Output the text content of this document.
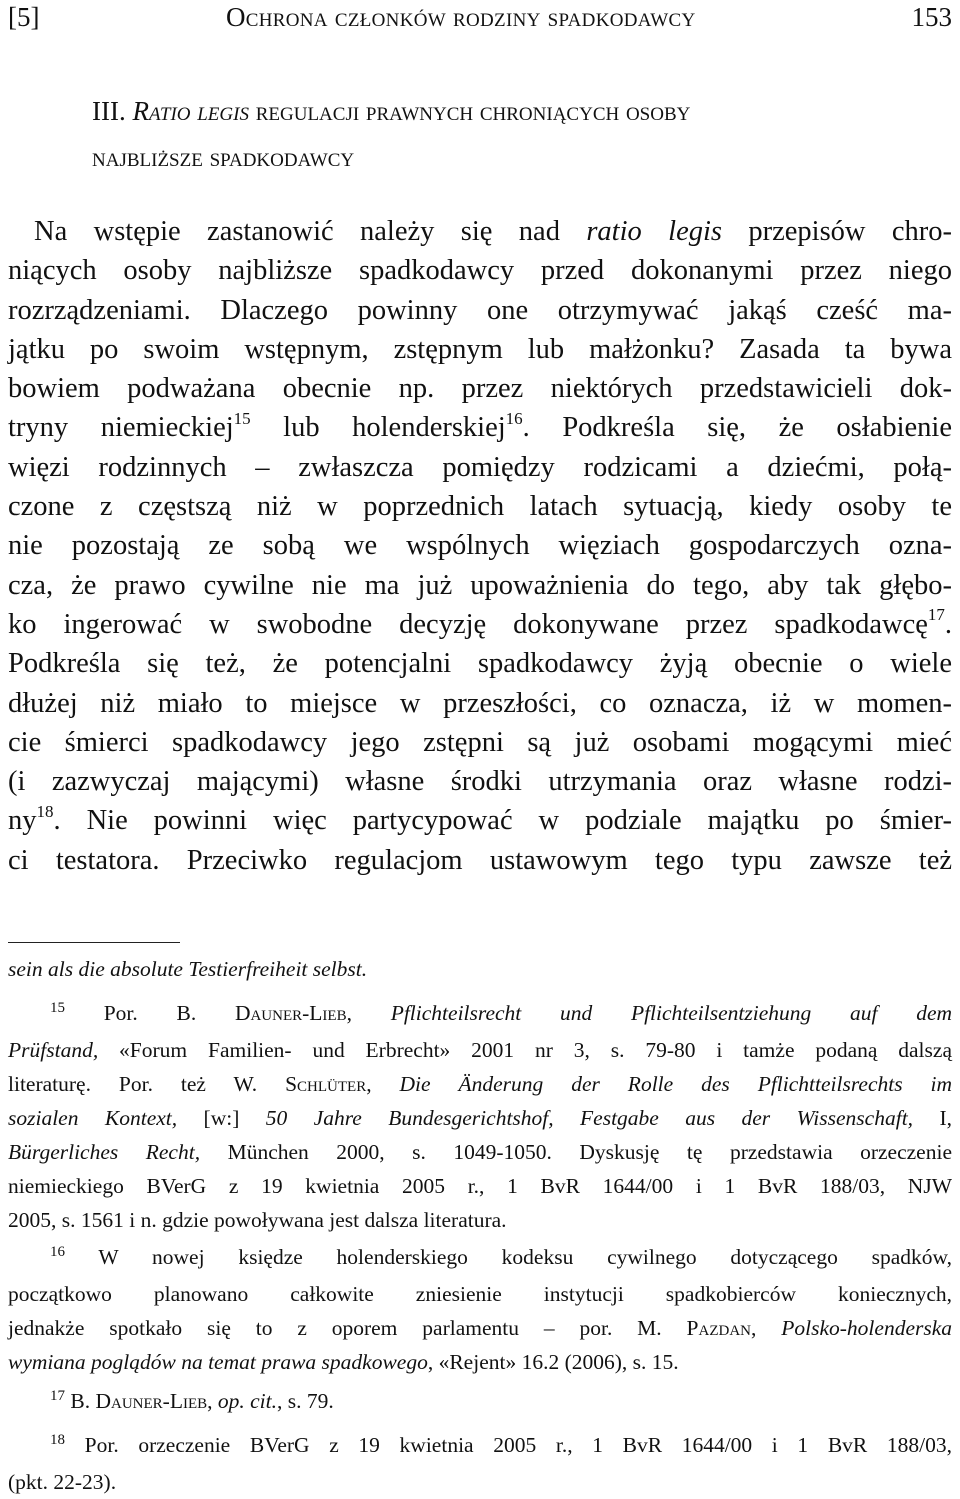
[5]	Ochrona członków rodziny spadkodawcy	153
III. Ratio legis regulacji prawnych chroniących osoby
najbliższe spadkodawcy
Na wstępie zastanowić należy się nad ratio legis przepisów chro-
niących osoby najbliższe spadkodawcy przed dokonanymi przez niego
rozrządzeniami. Dlaczego powinny one otrzymywać jakąś cześć ma-
jątku po swoim wstępnym, zstępnym lub małżonku? Zasada ta bywa
bowiem podważana obecnie np. przez niektórych przedstawicieli dok-
tryny niemieckiej$^{15}$ lub holenderskiej$^{16}$. Podkreśla się, że osłabienie
więzi rodzinnych – zwłaszcza pomiędzy rodzicami a dziećmi, połą-
czone z częstszą niż w poprzednich latach sytuacją, kiedy osoby te
nie pozostają ze sobą we wspólnych więziach gospodarczych ozna-
cza, że prawo cywilne nie ma już upoważnienia do tego, aby tak głębo-
ko ingerować w swobodne decyzję dokonywane przez spadkodawcę$^{17}$.
Podkreśla się też, że potencjalni spadkodawcy żyją obecnie o wiele
dłużej niż miało to miejsce w przeszłości, co oznacza, iż w momen-
cie śmierci spadkodawcy jego zstępni są już osobami mogącymi mieć
(i zazwyczaj mającymi) własne środki utrzymania oraz własne rodzi-
$ny^{18}$. Nie powinni więc partycypować w podziale majątku po śmier-
ci testatora. Przeciwko regulacjom ustawowym tego typu zawsze też
sein als die absolute Testierfreiheit selbst.
$^{15}$ Por. B. Dauner-Lieb, Pflichteilsrecht und Pflichteilsentziehung auf dem
Prüfstand, «Forum Familien- und Erbrecht» 2001 nr 3, s. 79-80 i tamże podaną dalszą
literaturę. Por. też W. Schlüter, Die Änderung der Rolle des Pflichtteilsrechts im
sozialen Kontext, [w:] 50 Jahre Bundesgerichtshof, Festgabe aus der Wissenschaft, I,
Bürgerliches Recht, München 2000, s. 1049-1050. Dyskusję tę przedstawia orzeczenie
niemieckiego BVerG z 19 kwietnia 2005 r., 1 BvR 1644/00 i 1 BvR 188/03, NJW
2005, s. 1561 i n. gdzie powoływana jest dalsza literatura.
$^{16}$ W nowej księdze holenderskiego kodeksu cywilnego dotyczącego spadków,
początkowo planowano całkowite zniesienie instytucji spadkobierców koniecznych,
jednakże spotkało się to z oporem parlamentu – por. M. Pazdan, Polsko-holenderska
wymiana poglądów na temat prawa spadkowego, «Rejent» 16.2 (2006), s. 15.
$^{17}$ B. Dauner-Lieb, op. cit., s. 79.
$^{18}$ Por. orzeczenie BVerG z 19 kwietnia 2005 r., 1 BvR 1644/00 i 1 BvR 188/03,
(pkt. 22-23).
